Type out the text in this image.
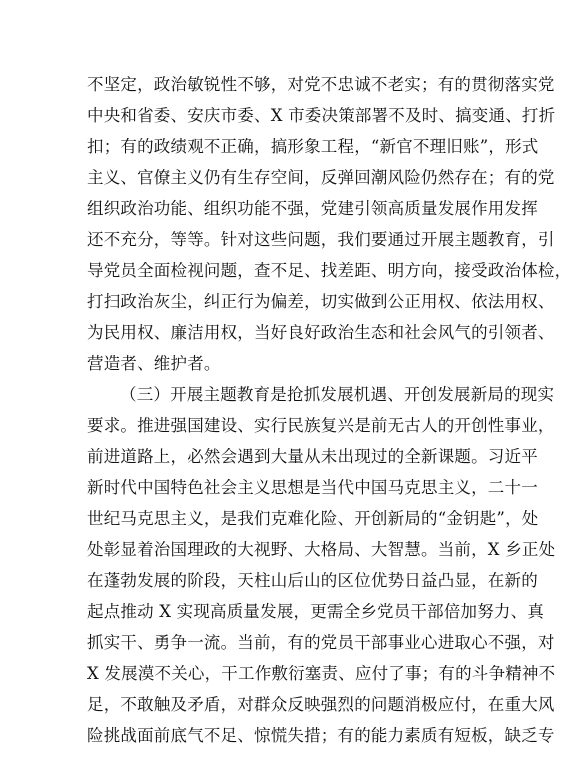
不坚定，政治敏锐性不够，对党不忠诚不老实；有的贯彻落实党
中央和省委、安庆市委、X 市委决策部署不及时、搞变通、打折
扣；有的政绩观不正确，搞形象工程，“新官不理旧账”，形式
主义、官僚主义仍有生存空间，反弹回潮风险仍然存在；有的党
组织政治功能、组织功能不强，党建引领高质量发展作用发挥
还不充分，等等。针对这些问题，我们要通过开展主题教育，引
导党员全面检视问题，查不足、找差距、明方向，接受政治体检，
打扫政治灰尘，纠正行为偏差，切实做到公正用权、依法用权、
为民用权、廉洁用权，当好良好政治生态和社会风气的引领者、
营造者、维护者。
（三）开展主题教育是抢抓发展机遇、开创发展新局的现实
要求。推进强国建设、实行民族复兴是前无古人的开创性事业，
前进道路上，必然会遇到大量从未出现过的全新课题。习近平
新时代中国特色社会主义思想是当代中国马克思主义，二十一
世纪马克思主义，是我们克难化险、开创新局的“金钥匙”，处
处彰显着治国理政的大视野、大格局、大智慧。当前，X 乡正处
在蓬勃发展的阶段，天柱山后山的区位优势日益凸显，在新的
起点推动 X 实现高质量发展，更需全乡党员干部倍加努力、真
抓实干、勇争一流。当前，有的党员干部事业心进取心不强，对
X 发展漠不关心，干工作敷衍塞责、应付了事；有的斗争精神不
足，不敢触及矛盾，对群众反映强烈的问题消极应付，在重大风
险挑战面前底气不足、惊慌失措；有的能力素质有短板，缺乏专
